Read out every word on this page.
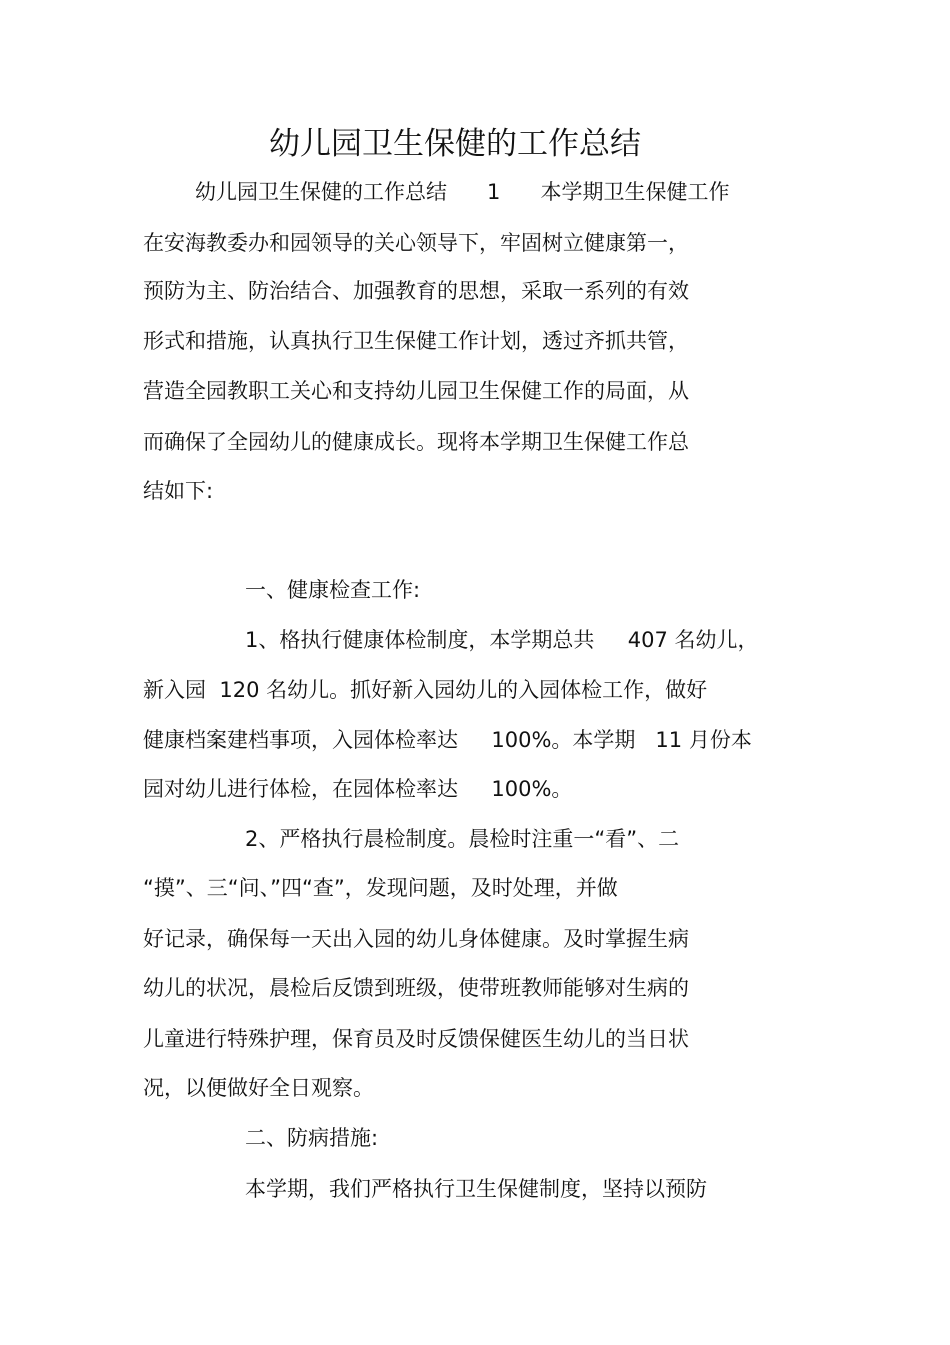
幼儿园卫生保健的工作总结
幼儿园卫生保健的工作总结      1      本学期卫生保健工作
在安海教委办和园领导的关心领导下，牢固树立健康第一，
预防为主、防治结合、加强教育的思想，采取一系列的有效
形式和措施，认真执行卫生保健工作计划，透过齐抓共管，
营造全园教职工关心和支持幼儿园卫生保健工作的局面，从
而确保了全园幼儿的健康成长。现将本学期卫生保健工作总
结如下:
一、健康检查工作:
1、格执行健康体检制度，本学期总共     407 名幼儿，
新入园  120 名幼儿。抓好新入园幼儿的入园体检工作，做好
健康档案建档事项，入园体检率达     100%。本学期   11 月份本
园对幼儿进行体检，在园体检率达     100%。
2、严格执行晨检制度。晨检时注重一“看”、二
“摸”、三“问、”四“查”，发现问题，及时处理，并做
好记录，确保每一天出入园的幼儿身体健康。及时掌握生病
幼儿的状况，晨检后反馈到班级，使带班教师能够对生病的
儿童进行特殊护理，保育员及时反馈保健医生幼儿的当日状
况，以便做好全日观察。
二、防病措施:
本学期，我们严格执行卫生保健制度，坚持以预防
